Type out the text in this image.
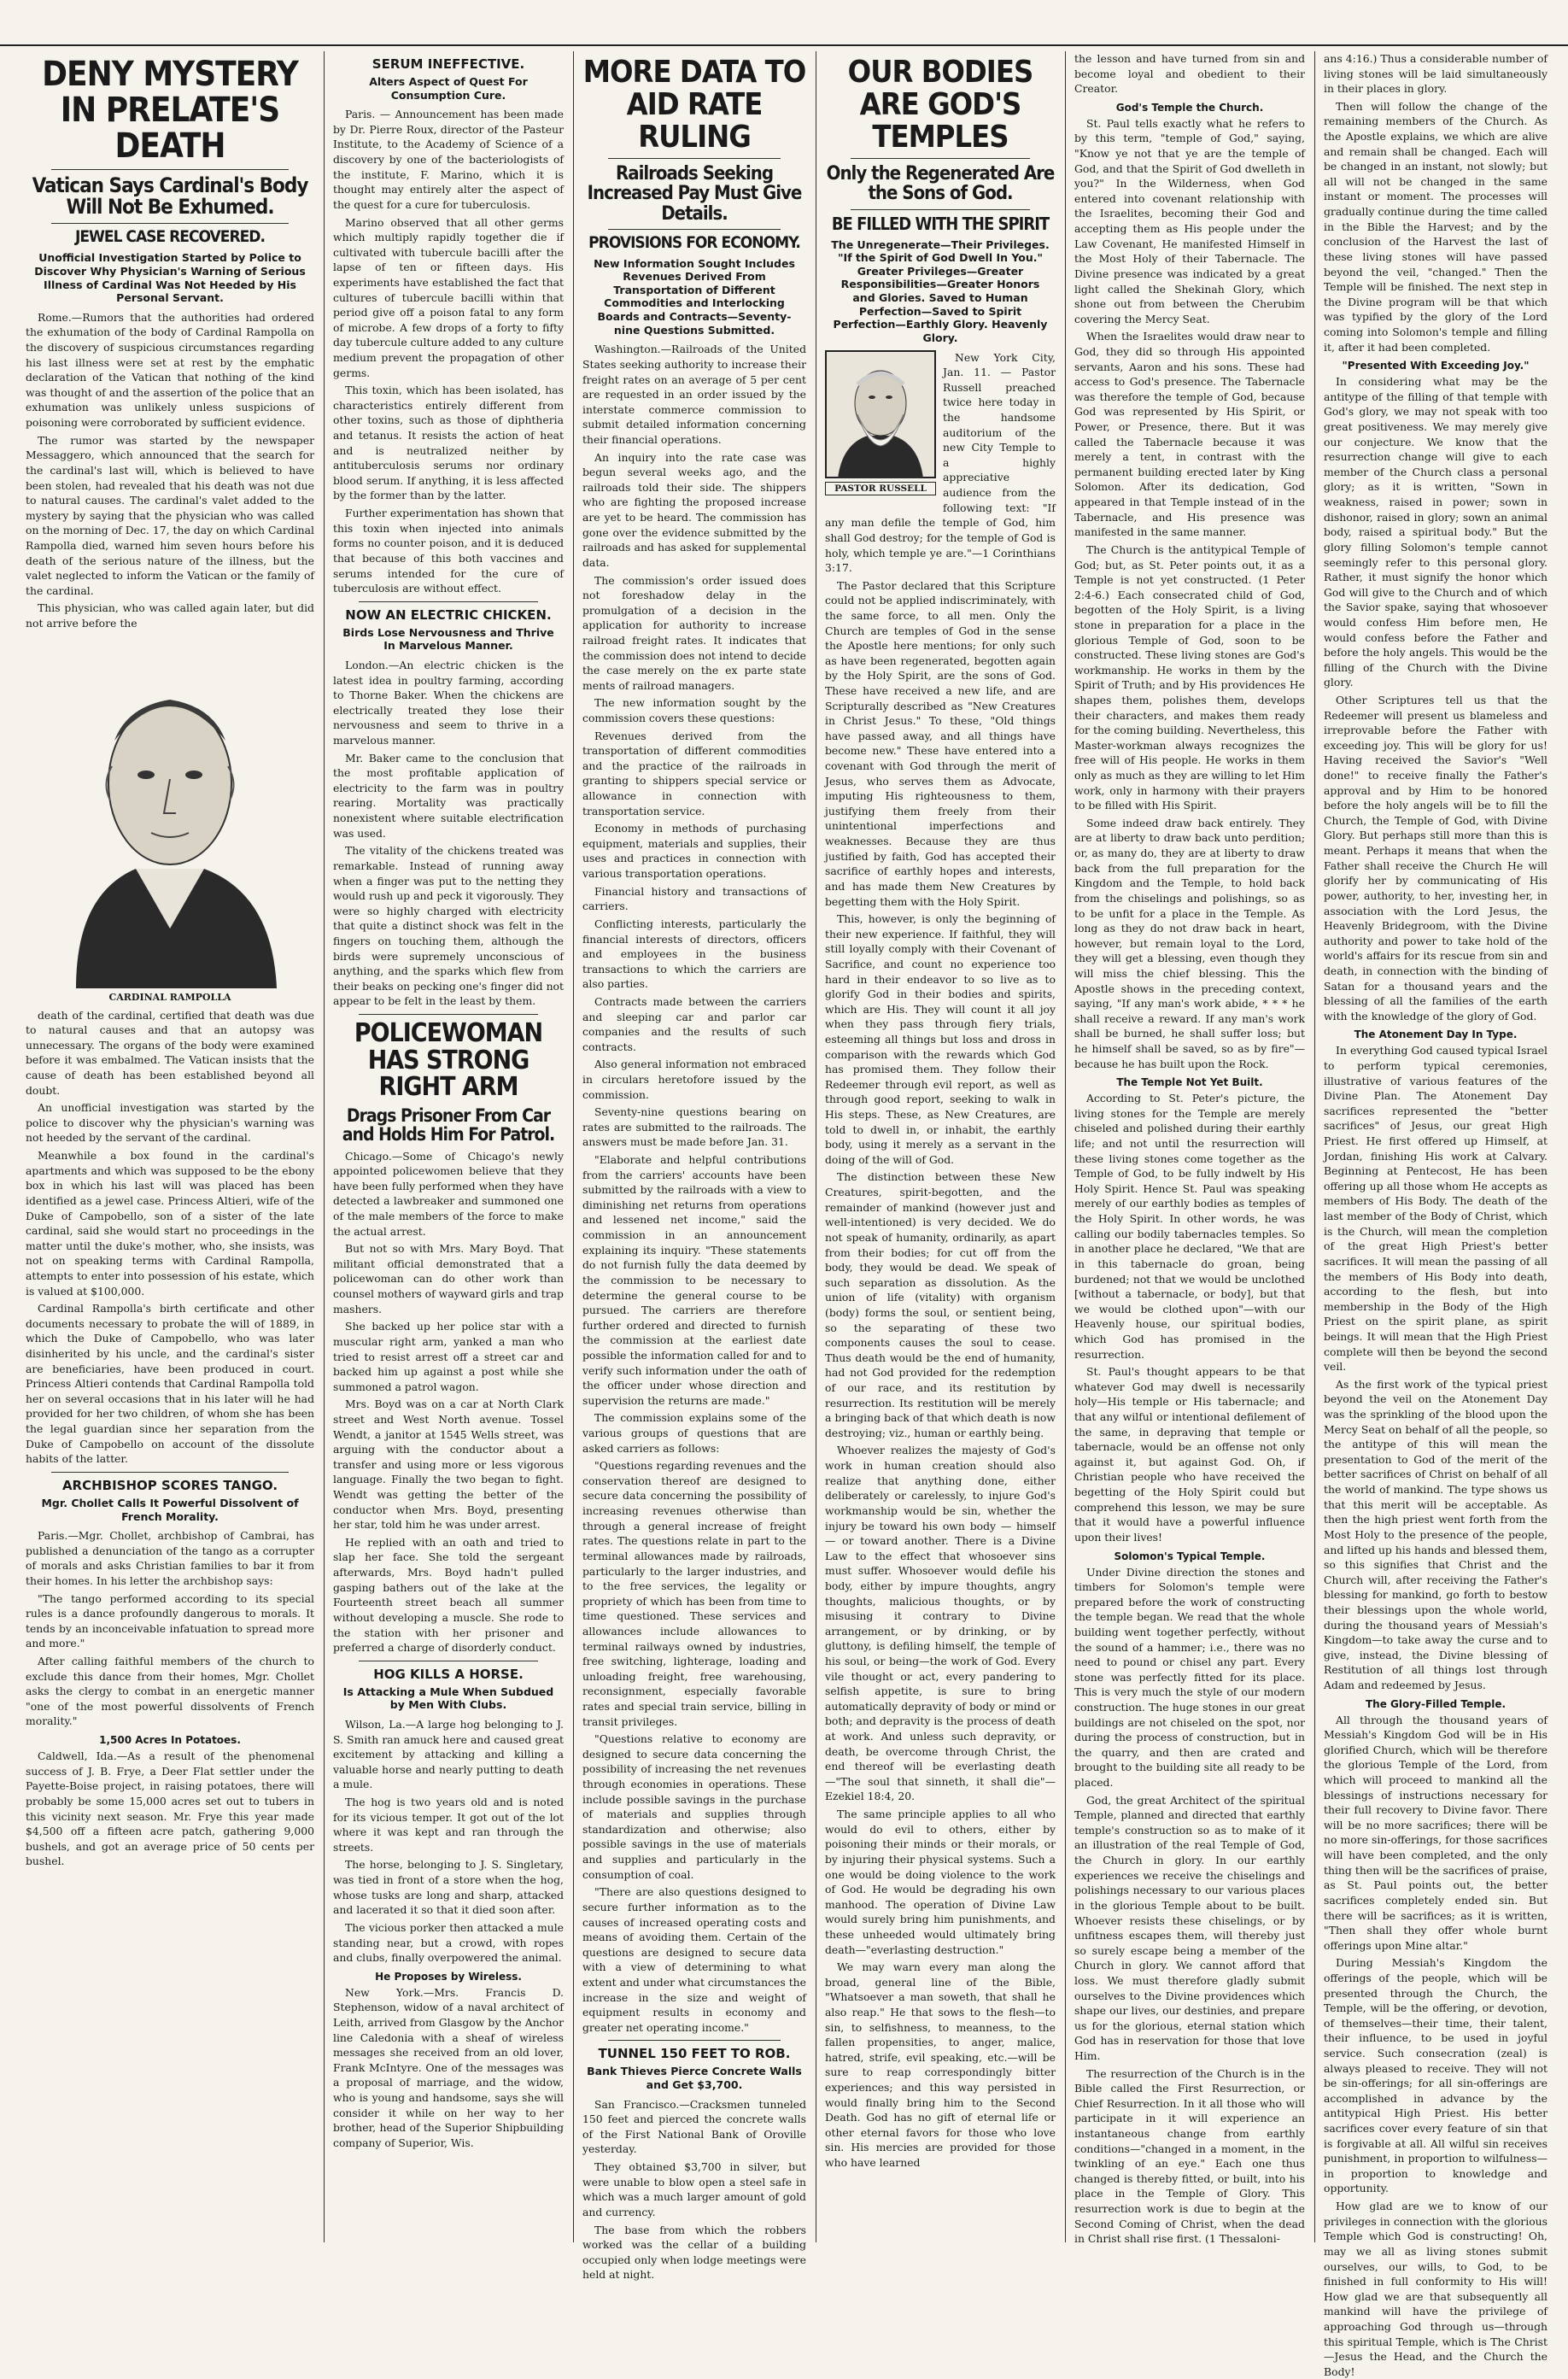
DENY MYSTERY IN PRELATE'S DEATH
Vatican Says Cardinal's Body Will Not Be Exhumed.
JEWEL CASE RECOVERED.
Unofficial Investigation Started by Police to Discover Why Physician's Warning of Serious Illness of Cardinal Was Not Heeded by His Personal Servant.

Rome.—Rumors that the authorities had ordered the exhumation of the body of Cardinal Rampolla on the discovery of suspicious circumstances regarding his last illness were set at rest by the emphatic declaration of the Vatican that nothing of the kind was thought of and the assertion of the police that an exhumation was unlikely unless suspicions of poisoning were corroborated by sufficient evidence.

The rumor was started by the newspaper Messaggero, which announced that the search for the cardinal's last will, which is believed to have been stolen, had revealed that his death was not due to natural causes. The cardinal's valet added to the mystery by saying that the physician who was called on the morning of Dec. 17, the day on which Cardinal Rampolla died, warned him seven hours before his death of the serious nature of the illness, but the valet neglected to inform the Vatican or the family of the cardinal.

This physician, who was called again later, but did not arrive before the

CARDINAL RAMPOLLA

death of the cardinal, certified that death was due to natural causes and that an autopsy was unnecessary. The organs of the body were examined before it was embalmed. The Vatican insists that the cause of death has been established beyond all doubt.

An unofficial investigation was started by the police to discover why the physician's warning was not heeded by the servant of the cardinal.

Meanwhile a box found in the cardinal's apartments and which was supposed to be the ebony box in which his last will was placed has been identified as a jewel case. Princess Altieri, wife of the Duke of Campobello, son of a sister of the late cardinal, said she would start no proceedings in the matter until the duke's mother, who, she insists, was not on speaking terms with Cardinal Rampolla, attempts to enter into possession of his estate, which is valued at $100,000.

Cardinal Rampolla's birth certificate and other documents necessary to probate the will of 1889, in which the Duke of Campobello, who was later disinherited by his uncle, and the cardinal's sister are beneficiaries, have been produced in court. Princess Altieri contends that Cardinal Rampolla told her on several occasions that in his later will he had provided for her two children, of whom she has been the legal guardian since her separation from the Duke of Campobello on account of the dissolute habits of the latter.

ARCHBISHOP SCORES TANGO.
Mgr. Chollet Calls It Powerful Dissolvent of French Morality.

Paris.—Mgr. Chollet, archbishop of Cambrai, has published a denunciation of the tango as a corrupter of morals and asks Christian families to bar it from their homes. In his letter the archbishop says:

"The tango performed according to its special rules is a dance profoundly dangerous to morals. It tends by an inconceivable infatuation to spread more and more."

After calling faithful members of the church to exclude this dance from their homes, Mgr. Chollet asks the clergy to combat in an energetic manner "one of the most powerful dissolvents of French morality."

1,500 Acres In Potatoes.

Caldwell, Ida.—As a result of the phenomenal success of J. B. Frye, a Deer Flat settler under the Payette-Boise project, in raising potatoes, there will probably be some 15,000 acres set out to tubers in this vicinity next season. Mr. Frye this year made $4,500 off a fifteen acre patch, gathering 9,000 bushels, and got an average price of 50 cents per bushel.

SERUM INEFFECTIVE.
Alters Aspect of Quest For Consumption Cure.

Paris. — Announcement has been made by Dr. Pierre Roux, director of the Pasteur Institute, to the Academy of Science of a discovery by one of the bacteriologists of the institute, F. Marino, which it is thought may entirely alter the aspect of the quest for a cure for tuberculosis.

Marino observed that all other germs which multiply rapidly together die if cultivated with tubercule bacilli after the lapse of ten or fifteen days. His experiments have established the fact that cultures of tubercule bacilli within that period give off a poison fatal to any form of microbe. A few drops of a forty to fifty day tubercule culture added to any culture medium prevent the propagation of other germs.

This toxin, which has been isolated, has characteristics entirely different from other toxins, such as those of diphtheria and tetanus. It resists the action of heat and is neutralized neither by antituberculosis serums nor ordinary blood serum. If anything, it is less affected by the former than by the latter.

Further experimentation has shown that this toxin when injected into animals forms no counter poison, and it is deduced that because of this both vaccines and serums intended for the cure of tuberculosis are without effect.

NOW AN ELECTRIC CHICKEN.
Birds Lose Nervousness and Thrive In Marvelous Manner.

London.—An electric chicken is the latest idea in poultry farming, according to Thorne Baker. When the chickens are electrically treated they lose their nervousness and seem to thrive in a marvelous manner.

Mr. Baker came to the conclusion that the most profitable application of electricity to the farm was in poultry rearing. Mortality was practically nonexistent where suitable electrification was used.

The vitality of the chickens treated was remarkable. Instead of running away when a finger was put to the netting they would rush up and peck it vigorously. They were so highly charged with electricity that quite a distinct shock was felt in the fingers on touching them, although the birds were supremely unconscious of anything, and the sparks which flew from their beaks on pecking one's finger did not appear to be felt in the least by them.

POLICEWOMAN HAS STRONG RIGHT ARM
Drags Prisoner From Car and Holds Him For Patrol.

Chicago.—Some of Chicago's newly appointed policewomen believe that they have been fully performed when they have detected a lawbreaker and summoned one of the male members of the force to make the actual arrest.

But not so with Mrs. Mary Boyd. That militant official demonstrated that a policewoman can do other work than counsel mothers of wayward girls and trap mashers.

She backed up her police star with a muscular right arm, yanked a man who tried to resist arrest off a street car and backed him up against a post while she summoned a patrol wagon.

Mrs. Boyd was on a car at North Clark street and West North avenue. Tossel Wendt, a janitor at 1545 Wells street, was arguing with the conductor about a transfer and using more or less vigorous language. Finally the two began to fight. Wendt was getting the better of the conductor when Mrs. Boyd, presenting her star, told him he was under arrest.

He replied with an oath and tried to slap her face. She told the sergeant afterwards, Mrs. Boyd hadn't pulled gasping bathers out of the lake at the Fourteenth street beach all summer without developing a muscle. She rode to the station with her prisoner and preferred a charge of disorderly conduct.

HOG KILLS A HORSE.
Is Attacking a Mule When Subdued by Men With Clubs.

Wilson, La.—A large hog belonging to J. S. Smith ran amuck here and caused great excitement by attacking and killing a valuable horse and nearly putting to death a mule.

The hog is two years old and is noted for its vicious temper. It got out of the lot where it was kept and ran through the streets.

The horse, belonging to J. S. Singletary, was tied in front of a store when the hog, whose tusks are long and sharp, attacked and lacerated it so that it died soon after.

The vicious porker then attacked a mule standing near, but a crowd, with ropes and clubs, finally overpowered the animal.

He Proposes by Wireless.

New York.—Mrs. Francis D. Stephenson, widow of a naval architect of Leith, arrived from Glasgow by the Anchor line Caledonia with a sheaf of wireless messages she received from an old lover, Frank McIntyre. One of the messages was a proposal of marriage, and the widow, who is young and handsome, says she will consider it while on her way to her brother, head of the Superior Shipbuilding company of Superior, Wis.

MORE DATA TO AID RATE RULING
Railroads Seeking Increased Pay Must Give Details.
PROVISIONS FOR ECONOMY.
New Information Sought Includes Revenues Derived From Transportation of Different Commodities and Interlocking Boards and Contracts—Seventy-nine Questions Submitted.

Washington.—Railroads of the United States seeking authority to increase their freight rates on an average of 5 per cent are requested in an order issued by the interstate commerce commission to submit detailed information concerning their financial operations.

An inquiry into the rate case was begun several weeks ago, and the railroads told their side. The shippers who are fighting the proposed increase are yet to be heard. The commission has gone over the evidence submitted by the railroads and has asked for supplemental data.

The commission's order issued does not foreshadow delay in the promulgation of a decision in the application for authority to increase railroad freight rates. It indicates that the commission does not intend to decide the case merely on the ex parte state ments of railroad managers.

The new information sought by the commission covers these questions:

Revenues derived from the transportation of different commodities and the practice of the railroads in granting to shippers special service or allowance in connection with transportation service.

Economy in methods of purchasing equipment, materials and supplies, their uses and practices in connection with various transportation operations.

Financial history and transactions of carriers.

Conflicting interests, particularly the financial interests of directors, officers and employees in the business transactions to which the carriers are also parties.

Contracts made between the carriers and sleeping car and parlor car companies and the results of such contracts.

Also general information not embraced in circulars heretofore issued by the commission.

Seventy-nine questions bearing on rates are submitted to the railroads. The answers must be made before Jan. 31.

"Elaborate and helpful contributions from the carriers' accounts have been submitted by the railroads with a view to diminishing net returns from operations and lessened net income," said the commission in an announcement explaining its inquiry. "These statements do not furnish fully the data deemed by the commission to be necessary to determine the general course to be pursued. The carriers are therefore further ordered and directed to furnish the commission at the earliest date possible the information called for and to verify such information under the oath of the officer under whose direction and supervision the returns are made."

The commission explains some of the various groups of questions that are asked carriers as follows:

"Questions regarding revenues and the conservation thereof are designed to secure data concerning the possibility of increasing revenues otherwise than through a general increase of freight rates. The questions relate in part to the terminal allowances made by railroads, particularly to the larger industries, and to the free services, the legality or propriety of which has been from time to time questioned. These services and allowances include allowances to terminal railways owned by industries, free switching, lighterage, loading and unloading freight, free warehousing, reconsignment, especially favorable rates and special train service, billing in transit privileges.

"Questions relative to economy are designed to secure data concerning the possibility of increasing the net revenues through economies in operations. These include possible savings in the purchase of materials and supplies through standardization and otherwise; also possible savings in the use of materials and supplies and particularly in the consumption of coal.

"There are also questions designed to secure further information as to the causes of increased operating costs and means of avoiding them. Certain of the questions are designed to secure data with a view of determining to what extent and under what circumstances the increase in the size and weight of equipment results in economy and greater net operating income."

TUNNEL 150 FEET TO ROB.
Bank Thieves Pierce Concrete Walls and Get $3,700.

San Francisco.—Cracksmen tunneled 150 feet and pierced the concrete walls of the First National Bank of Oroville yesterday.

They obtained $3,700 in silver, but were unable to blow open a steel safe in which was a much larger amount of gold and currency.

The base from which the robbers worked was the cellar of a building occupied only when lodge meetings were held at night.

OUR BODIES ARE GOD'S TEMPLES
Only the Regenerated Are the Sons of God.
BE FILLED WITH THE SPIRIT
The Unregenerate—Their Privileges. "If the Spirit of God Dwell In You." Greater Privileges—Greater Responsibilities—Greater Honors and Glories. Saved to Human Perfection—Saved to Spirit Perfection—Earthly Glory. Heavenly Glory.
PASTOR RUSSELL

New York City, Jan. 11. — Pastor Russell preached twice here today in the handsome auditorium of the new City Temple to a highly appreciative audience from the following text: "If any man defile the temple of God, him shall God destroy; for the temple of God is holy, which temple ye are."—1 Corinthians 3:17.

The Pastor declared that this Scripture could not be applied indiscriminately, with the same force, to all men. Only the Church are temples of God in the sense the Apostle here mentions; for only such as have been regenerated, begotten again by the Holy Spirit, are the sons of God. These have received a new life, and are Scripturally described as "New Creatures in Christ Jesus." To these, "Old things have passed away, and all things have become new." These have entered into a covenant with God through the merit of Jesus, who serves them as Advocate, imputing His righteousness to them, justifying them freely from their unintentional imperfections and weaknesses. Because they are thus justified by faith, God has accepted their sacrifice of earthly hopes and interests, and has made them New Creatures by begetting them with the Holy Spirit.

This, however, is only the beginning of their new experience. If faithful, they will still loyally comply with their Covenant of Sacrifice, and count no experience too hard in their endeavor to so live as to glorify God in their bodies and spirits, which are His. They will count it all joy when they pass through fiery trials, esteeming all things but loss and dross in comparison with the rewards which God has promised them. They follow their Redeemer through evil report, as well as through good report, seeking to walk in His steps. These, as New Creatures, are told to dwell in, or inhabit, the earthly body, using it merely as a servant in the doing of the will of God.

The distinction between these New Creatures, spirit-begotten, and the remainder of mankind (however just and well-intentioned) is very decided. We do not speak of humanity, ordinarily, as apart from their bodies; for cut off from the body, they would be dead. We speak of such separation as dissolution. As the union of life (vitality) with organism (body) forms the soul, or sentient being, so the separating of these two components causes the soul to cease. Thus death would be the end of humanity, had not God provided for the redemption of our race, and its restitution by resurrection. Its restitution will be merely a bringing back of that which death is now destroying; viz., human or earthly being.

Whoever realizes the majesty of God's work in human creation should also realize that anything done, either deliberately or carelessly, to injure God's workmanship would be sin, whether the injury be toward his own body — himself — or toward another. There is a Divine Law to the effect that whosoever sins must suffer. Whosoever would defile his body, either by impure thoughts, angry thoughts, malicious thoughts, or by misusing it contrary to Divine arrangement, or by drinking, or by gluttony, is defiling himself, the temple of his soul, or being—the work of God. Every vile thought or act, every pandering to selfish appetite, is sure to bring automatically depravity of body or mind or both; and depravity is the process of death at work. And unless such depravity, or death, be overcome through Christ, the end thereof will be everlasting death—"The soul that sinneth, it shall die"—Ezekiel 18:4, 20.

The same principle applies to all who would do evil to others, either by poisoning their minds or their morals, or by injuring their physical systems. Such a one would be doing violence to the work of God. He would be degrading his own manhood. The operation of Divine Law would surely bring him punishments, and these unheeded would ultimately bring death—"everlasting destruction."

We may warn every man along the broad, general line of the Bible, "Whatsoever a man soweth, that shall he also reap." He that sows to the flesh—to sin, to selfishness, to meanness, to the fallen propensities, to anger, malice, hatred, strife, evil speaking, etc.—will be sure to reap correspondingly bitter experiences; and this way persisted in would finally bring him to the Second Death. God has no gift of eternal life or other eternal favors for those who love sin. His mercies are provided for those who have learned

the lesson and have turned from sin and become loyal and obedient to their Creator.

God's Temple the Church.

St. Paul tells exactly what he refers to by this term, "temple of God," saying, "Know ye not that ye are the temple of God, and that the Spirit of God dwelleth in you?" In the Wilderness, when God entered into covenant relationship with the Israelites, becoming their God and accepting them as His people under the Law Covenant, He manifested Himself in the Most Holy of their Tabernacle. The Divine presence was indicated by a great light called the Shekinah Glory, which shone out from between the Cherubim covering the Mercy Seat.

When the Israelites would draw near to God, they did so through His appointed servants, Aaron and his sons. These had access to God's presence. The Tabernacle was therefore the temple of God, because God was represented by His Spirit, or Power, or Presence, there. But it was called the Tabernacle because it was merely a tent, in contrast with the permanent building erected later by King Solomon. After its dedication, God appeared in that Temple instead of in the Tabernacle, and His presence was manifested in the same manner.

The Church is the antitypical Temple of God; but, as St. Peter points out, it as a Temple is not yet constructed. (1 Peter 2:4-6.) Each consecrated child of God, begotten of the Holy Spirit, is a living stone in preparation for a place in the glorious Temple of God, soon to be constructed. These living stones are God's workmanship. He works in them by the Spirit of Truth; and by His providences He shapes them, polishes them, develops their characters, and makes them ready for the coming building. Nevertheless, this Master-workman always recognizes the free will of His people. He works in them only as much as they are willing to let Him work, only in harmony with their prayers to be filled with His Spirit.

Some indeed draw back entirely. They are at liberty to draw back unto perdition; or, as many do, they are at liberty to draw back from the full preparation for the Kingdom and the Temple, to hold back from the chiselings and polishings, so as to be unfit for a place in the Temple. As long as they do not draw back in heart, however, but remain loyal to the Lord, they will get a blessing, even though they will miss the chief blessing. This the Apostle shows in the preceding context, saying, "If any man's work abide, * * * he shall receive a reward. If any man's work shall be burned, he shall suffer loss; but he himself shall be saved, so as by fire"—because he has built upon the Rock.

The Temple Not Yet Built.

According to St. Peter's picture, the living stones for the Temple are merely chiseled and polished during their earthly life; and not until the resurrection will these living stones come together as the Temple of God, to be fully indwelt by His Holy Spirit. Hence St. Paul was speaking merely of our earthly bodies as temples of the Holy Spirit. In other words, he was calling our bodily tabernacles temples. So in another place he declared, "We that are in this tabernacle do groan, being burdened; not that we would be unclothed [without a tabernacle, or body], but that we would be clothed upon"—with our Heavenly house, our spiritual bodies, which God has promised in the resurrection.

St. Paul's thought appears to be that whatever God may dwell is necessarily holy—His temple or His tabernacle; and that any wilful or intentional defilement of the same, in depraving that temple or tabernacle, would be an offense not only against it, but against God. Oh, if Christian people who have received the begetting of the Holy Spirit could but comprehend this lesson, we may be sure that it would have a powerful influence upon their lives!

Solomon's Typical Temple.

Under Divine direction the stones and timbers for Solomon's temple were prepared before the work of constructing the temple began. We read that the whole building went together perfectly, without the sound of a hammer; i.e., there was no need to pound or chisel any part. Every stone was perfectly fitted for its place. This is very much the style of our modern construction. The huge stones in our great buildings are not chiseled on the spot, nor during the process of construction, but in the quarry, and then are crated and brought to the building site all ready to be placed.

God, the great Architect of the spiritual Temple, planned and directed that earthly temple's construction so as to make of it an illustration of the real Temple of God, the Church in glory. In our earthly experiences we receive the chiselings and polishings necessary to our various places in the glorious Temple about to be built. Whoever resists these chiselings, or by unfitness escapes them, will thereby just so surely escape being a member of the Church in glory. We cannot afford that loss. We must therefore gladly submit ourselves to the Divine providences which shape our lives, our destinies, and prepare us for the glorious, eternal station which God has in reservation for those that love Him.

The resurrection of the Church is in the Bible called the First Resurrection, or Chief Resurrection. In it all those who will participate in it will experience an instantaneous change from earthly conditions—"changed in a moment, in the twinkling of an eye." Each one thus changed is thereby fitted, or built, into his place in the Temple of Glory. This resurrection work is due to begin at the Second Coming of Christ, when the dead in Christ shall rise first. (1 Thessaloni-

ans 4:16.) Thus a considerable number of living stones will be laid simultaneously in their places in glory.

Then will follow the change of the remaining members of the Church. As the Apostle explains, we which are alive and remain shall be changed. Each will be changed in an instant, not slowly; but all will not be changed in the same instant or moment. The processes will gradually continue during the time called in the Bible the Harvest; and by the conclusion of the Harvest the last of these living stones will have passed beyond the veil, "changed." Then the Temple will be finished. The next step in the Divine program will be that which was typified by the glory of the Lord coming into Solomon's temple and filling it, after it had been completed.

"Presented With Exceeding Joy."

In considering what may be the antitype of the filling of that temple with God's glory, we may not speak with too great positiveness. We may merely give our conjecture. We know that the resurrection change will give to each member of the Church class a personal glory; as it is written, "Sown in weakness, raised in power; sown in dishonor, raised in glory; sown an animal body, raised a spiritual body." But the glory filling Solomon's temple cannot seemingly refer to this personal glory. Rather, it must signify the honor which God will give to the Church and of which the Savior spake, saying that whosoever would confess Him before men, He would confess before the Father and before the holy angels. This would be the filling of the Church with the Divine glory.

Other Scriptures tell us that the Redeemer will present us blameless and irreprovable before the Father with exceeding joy. This will be glory for us! Having received the Savior's "Well done!" to receive finally the Father's approval and by Him to be honored before the holy angels will be to fill the Church, the Temple of God, with Divine Glory. But perhaps still more than this is meant. Perhaps it means that when the Father shall receive the Church He will glorify her by communicating of His power, authority, to her, investing her, in association with the Lord Jesus, the Heavenly Bridegroom, with the Divine authority and power to take hold of the world's affairs for its rescue from sin and death, in connection with the binding of Satan for a thousand years and the blessing of all the families of the earth with the knowledge of the glory of God.

The Atonement Day In Type.

In everything God caused typical Israel to perform typical ceremonies, illustrative of various features of the Divine Plan. The Atonement Day sacrifices represented the "better sacrifices" of Jesus, our great High Priest. He first offered up Himself, at Jordan, finishing His work at Calvary. Beginning at Pentecost, He has been offering up all those whom He accepts as members of His Body. The death of the last member of the Body of Christ, which is the Church, will mean the completion of the great High Priest's better sacrifices. It will mean the passing of all the members of His Body into death, according to the flesh, but into membership in the Body of the High Priest on the spirit plane, as spirit beings. It will mean that the High Priest complete will then be beyond the second veil.

As the first work of the typical priest beyond the veil on the Atonement Day was the sprinkling of the blood upon the Mercy Seat on behalf of all the people, so the antitype of this will mean the presentation to God of the merit of the better sacrifices of Christ on behalf of all the world of mankind. The type shows us that this merit will be acceptable. As then the high priest went forth from the Most Holy to the presence of the people, and lifted up his hands and blessed them, so this signifies that Christ and the Church will, after receiving the Father's blessing for mankind, go forth to bestow their blessings upon the whole world, during the thousand years of Messiah's Kingdom—to take away the curse and to give, instead, the Divine blessing of Restitution of all things lost through Adam and redeemed by Jesus.

The Glory-Filled Temple.

All through the thousand years of Messiah's Kingdom God will be in His glorified Church, which will be therefore the glorious Temple of the Lord, from which will proceed to mankind all the blessings of instructions necessary for their full recovery to Divine favor. There will be no more sacrifices; there will be no more sin-offerings, for those sacrifices will have been completed, and the only thing then will be the sacrifices of praise, as St. Paul points out, the better sacrifices completely ended sin. But there will be sacrifices; as it is written, "Then shall they offer whole burnt offerings upon Mine altar."

During Messiah's Kingdom the offerings of the people, which will be presented through the Church, the Temple, will be the offering, or devotion, of themselves—their time, their talent, their influence, to be used in joyful service. Such consecration (zeal) is always pleased to receive. They will not be sin-offerings; for all sin-offerings are accomplished in advance by the antitypical High Priest. His better sacrifices cover every feature of sin that is forgivable at all. All wilful sin receives punishment, in proportion to wilfulness—in proportion to knowledge and opportunity.

How glad are we to know of our privileges in connection with the glorious Temple which God is constructing! Oh, may we all as living stones submit ourselves, our wills, to God, to be finished in full conformity to His will! How glad we are that subsequently all mankind will have the privilege of approaching God through us—through this spiritual Temple, which is The Christ—Jesus the Head, and the Church the Body!
